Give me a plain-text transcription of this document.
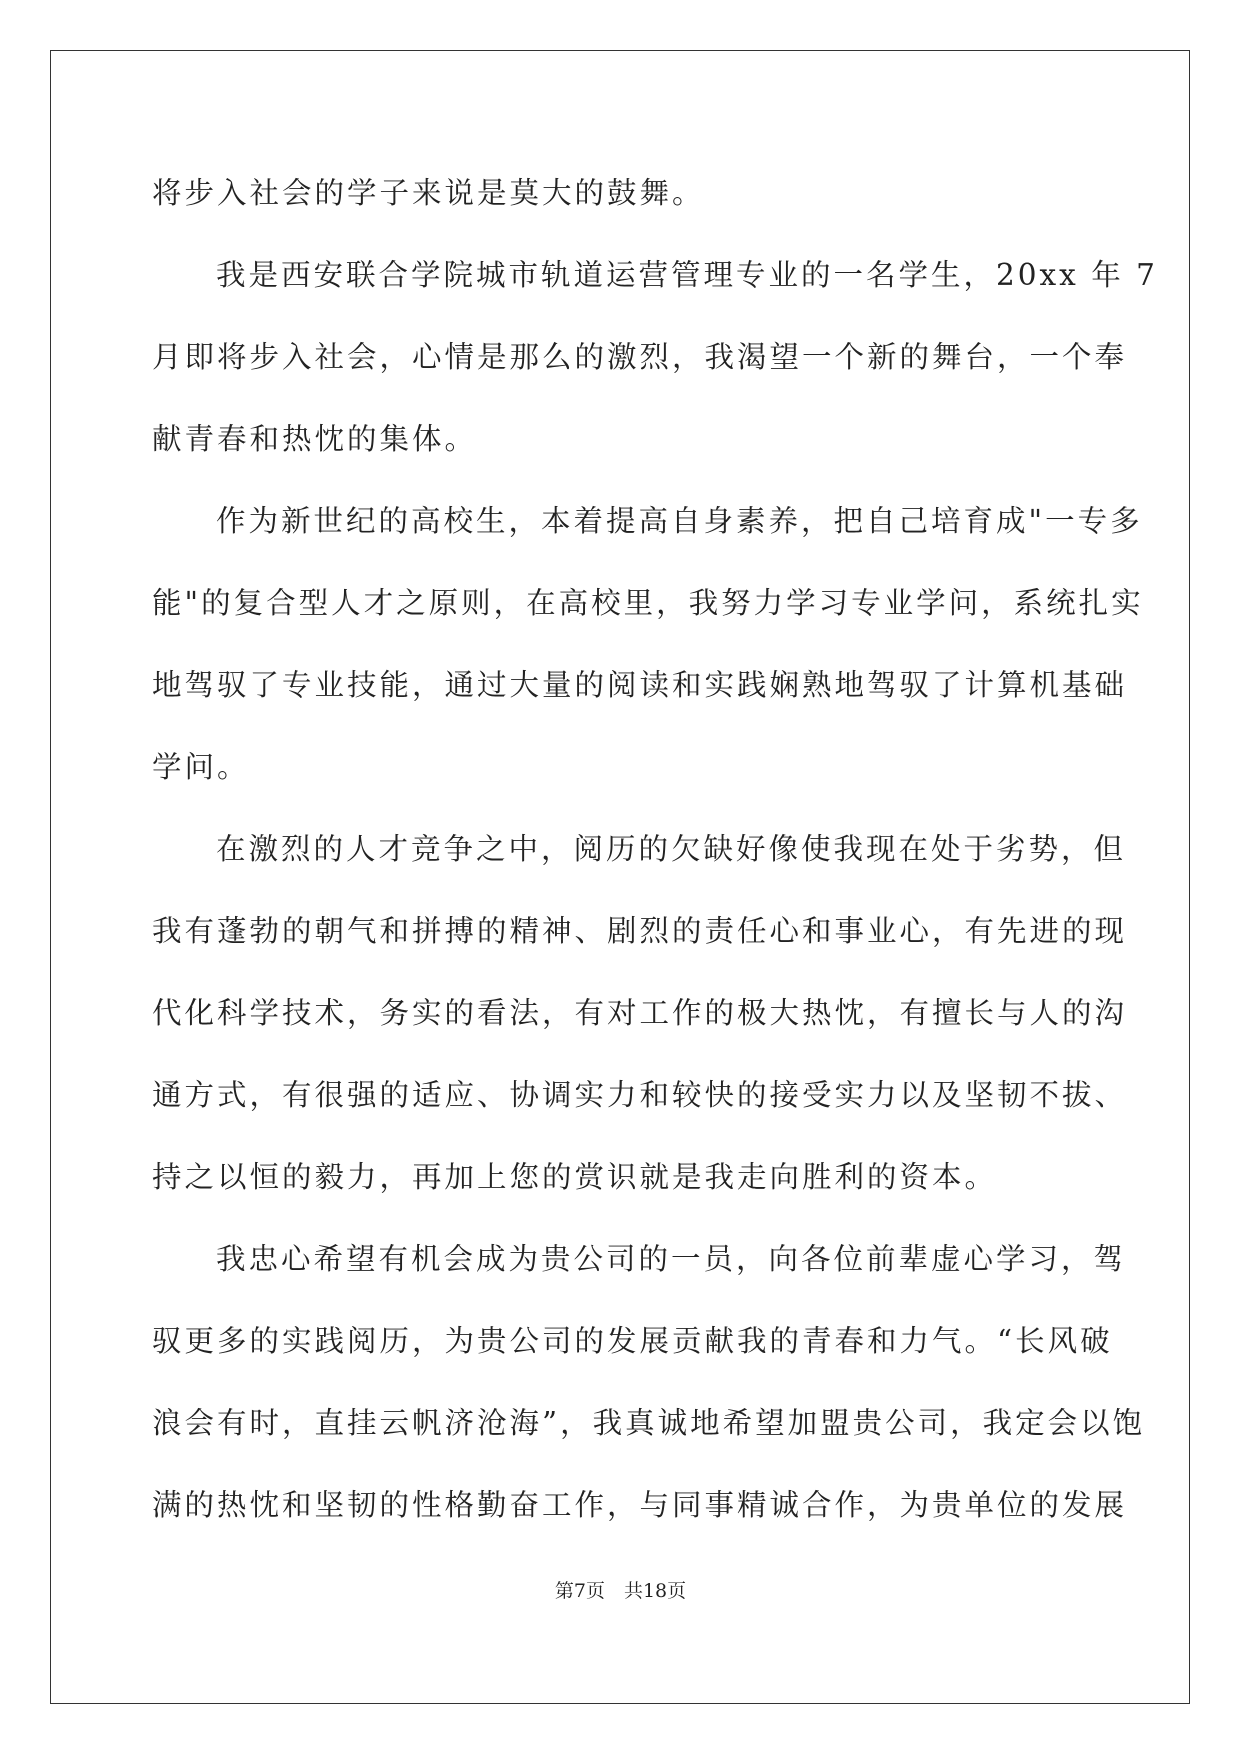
将步入社会的学子来说是莫大的鼓舞。

我是西安联合学院城市轨道运营管理专业的一名学生，20xx 年 7

月即将步入社会，心情是那么的激烈，我渴望一个新的舞台，一个奉

献青春和热忱的集体。

作为新世纪的高校生，本着提高自身素养，把自己培育成"一专多

能"的复合型人才之原则，在高校里，我努力学习专业学问，系统扎实

地驾驭了专业技能，通过大量的阅读和实践娴熟地驾驭了计算机基础

学问。

在激烈的人才竞争之中，阅历的欠缺好像使我现在处于劣势，但

我有蓬勃的朝气和拼搏的精神、剧烈的责任心和事业心，有先进的现

代化科学技术，务实的看法，有对工作的极大热忱，有擅长与人的沟

通方式，有很强的适应、协调实力和较快的接受实力以及坚韧不拔、

持之以恒的毅力，再加上您的赏识就是我走向胜利的资本。

我忠心希望有机会成为贵公司的一员，向各位前辈虚心学习，驾

驭更多的实践阅历，为贵公司的发展贡献我的青春和力气。“长风破

浪会有时，直挂云帆济沧海”，我真诚地希望加盟贵公司，我定会以饱

满的热忱和坚韧的性格勤奋工作，与同事精诚合作，为贵单位的发展

第7页　共18页
